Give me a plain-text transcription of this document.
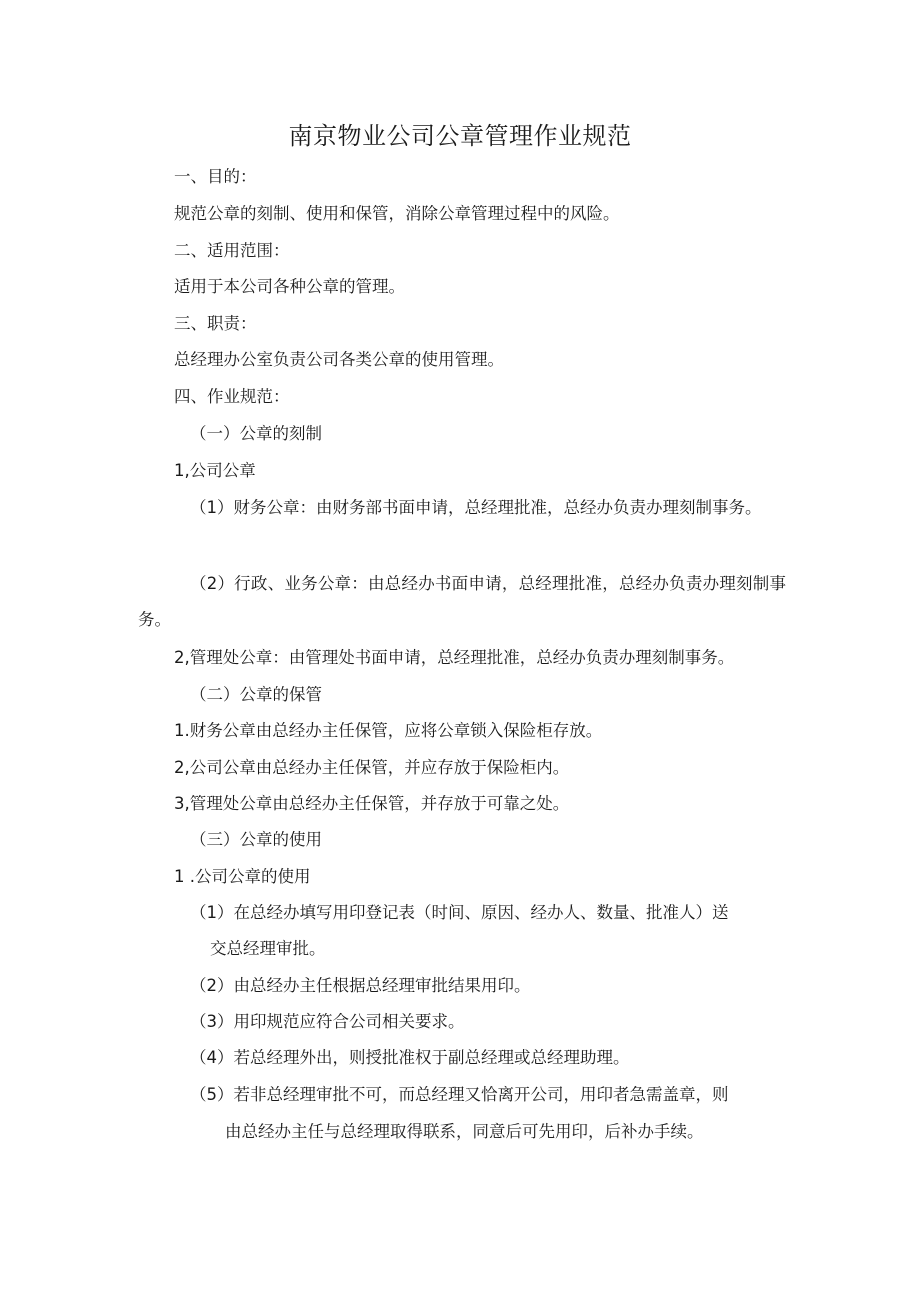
南京物业公司公章管理作业规范
一、目的：
规范公章的刻制、使用和保管，消除公章管理过程中的风险。
二、适用范围：
适用于本公司各种公章的管理。
三、职责：
总经理办公室负责公司各类公章的使用管理。
四、作业规范：
（一）公章的刻制
1,公司公章
（1）财务公章：由财务部书面申请，总经理批准，总经办负责办理刻制事务。
（2）行政、业务公章：由总经办书面申请，总经理批准，总经办负责办理刻制事务。
2,管理处公章：由管理处书面申请，总经理批准，总经办负责办理刻制事务。
（二）公章的保管
1.财务公章由总经办主任保管，应将公章锁入保险柜存放。
2,公司公章由总经办主任保管，并应存放于保险柜内。
3,管理处公章由总经办主任保管，并存放于可靠之处。
（三）公章的使用
1 .公司公章的使用
（1）在总经办填写用印登记表（时间、原因、经办人、数量、批准人）送
交总经理审批。
（2）由总经办主任根据总经理审批结果用印。
（3）用印规范应符合公司相关要求。
（4）若总经理外出，则授批准权于副总经理或总经理助理。
（5）若非总经理审批不可，而总经理又恰离开公司，用印者急需盖章，则
由总经办主任与总经理取得联系，同意后可先用印，后补办手续。
